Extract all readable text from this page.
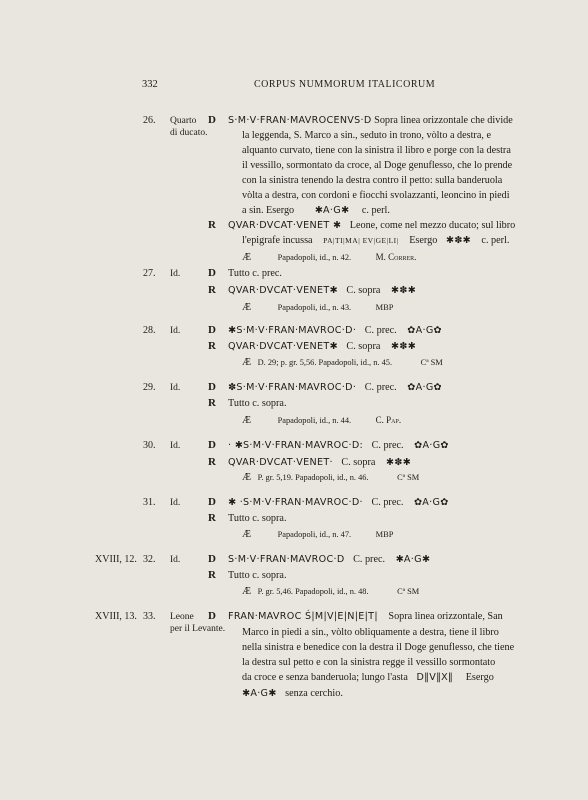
332	CORPUS NUMMORUM ITALICORUM
26. Quarto
di ducato.
D S·M·V·FRAN·MAVROCENVS·D Sopra linea orizzontale che divide
la leggenda, S. Marco a sin., seduto in trono, vòlto a destra, e
alquanto curvato, tiene con la sinistra il libro e porge con la destra
il vessillo, sormontato da croce, al Doge genuflesso, che lo prende
con la sinistra tenendo la destra contro il petto: sulla banderuola
vòlta a destra, con cordoni e fiocchi svolazzanti, leoncino in piedi
a sin. Esergo ✱A·G✱ c. perl.
R QVAR·DVCAT·VENET ✱ Leone, come nel mezzo ducato; sul libro
l'epigrafe incussa PA|TI|MA| EV|GE|LI| Esergo ✱✽✱ c. perl.
Æ	Papadopoli, id., n. 42.	M. Correr.
27. Id.	D Tutto c. prec.
R QVAR·DVCAT·VENET✱ C. sopra ✱✽✱
Æ	Papadopoli, id., n. 43.	MBP
28. Id.	D ✱S·M·V·FRAN·MAVROC·D· C. prec. ✿A·G✿
R QVAR·DVCAT·VENET✱ C. sopra ✱✽✱
Æ D. 29; p. gr. 5,56. Papadopoli, id., n. 45.	Cª SM
29. Id.	D ✽S·M·V·FRAN·MAVROC·D· C. prec. ✿A·G✿
R Tutto c. sopra.
Æ	Papadopoli, id., n. 44.	C. Pap.
30. Id.	D · ✱S·M·V·FRAN·MAVROC·D: C. prec. ✿A·G✿
R QVAR·DVCAT·VENET· C. sopra ✱✽✱
Æ P. gr. 5,19. Papadopoli, id., n. 46.	Cª SM
31. Id.	D ✱ ·S·M·V·FRAN·MAVROC·D· C. prec. ✿A·G✿
R Tutto c. sopra.
Æ	Papadopoli, id., n. 47.	MBP
XVIII, 12. 32. Id.	D S·M·V·FRAN·MAVROC·D C. prec. ✱A·G✱
R Tutto c. sopra.
Æ P. gr. 5,46. Papadopoli, id., n. 48.	Cª SM
XVIII, 13. 33. Leone
per il Levante.
D FRAN·MAVROC Ś|M|V|E|N|E|T| Sopra linea orizzontale, San
Marco in piedi a sin., vòlto obliquamente a destra, tiene il libro
nella sinistra e benedice con la destra il Doge genuflesso, che tiene
la destra sul petto e con la sinistra regge il vessillo sormontato
da croce e senza banderuola; lungo l'asta D‖V‖X‖ Esergo
✱A·G✱ senza cerchio.
